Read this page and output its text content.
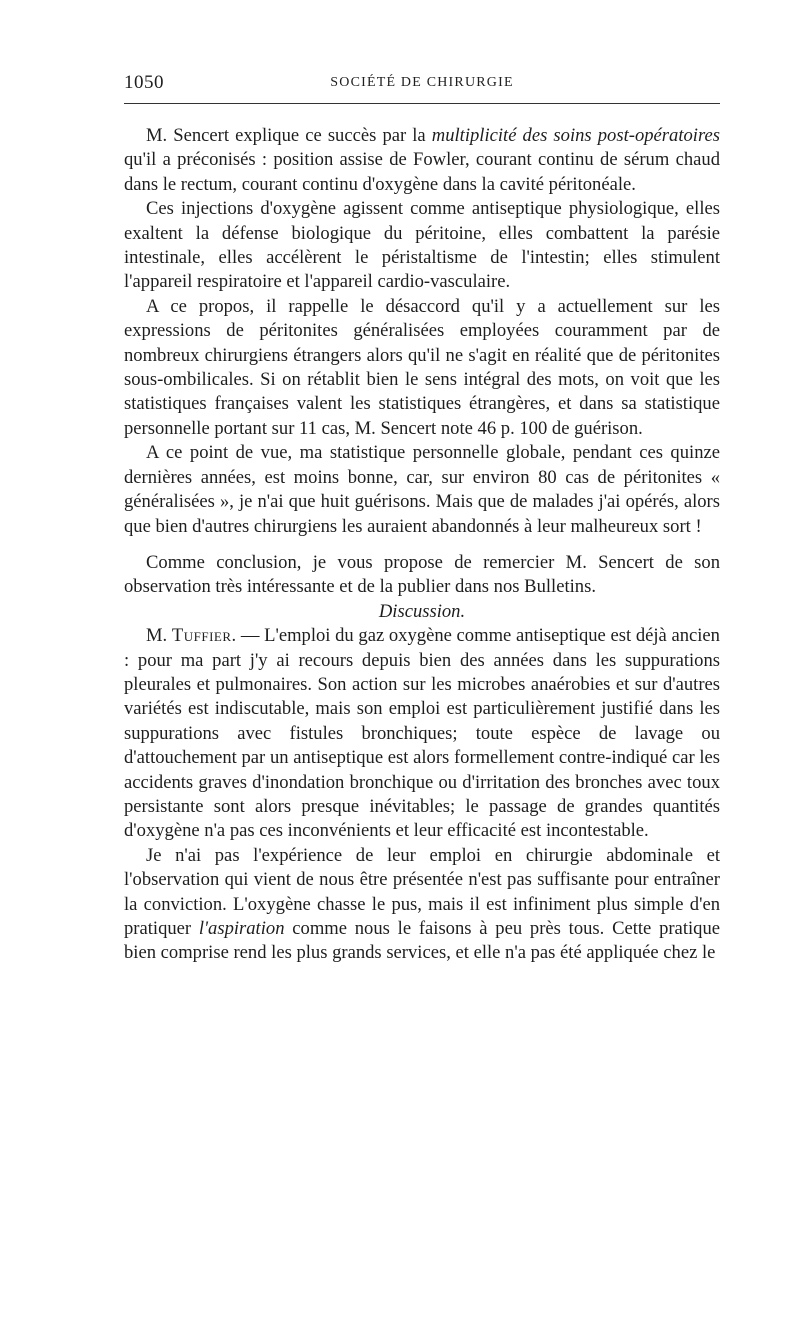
1050	SOCIÉTÉ DE CHIRURGIE

M. Sencert explique ce succès par la multiplicité des soins post-opératoires qu'il a préconisés : position assise de Fowler, courant continu de sérum chaud dans le rectum, courant continu d'oxygène dans la cavité péritonéale.

Ces injections d'oxygène agissent comme antiseptique physiologique, elles exaltent la défense biologique du péritoine, elles combattent la parésie intestinale, elles accélèrent le péristaltisme de l'intestin; elles stimulent l'appareil respiratoire et l'appareil cardio-vasculaire.

A ce propos, il rappelle le désaccord qu'il y a actuellement sur les expressions de péritonites généralisées employées couramment par de nombreux chirurgiens étrangers alors qu'il ne s'agit en réalité que de péritonites sous-ombilicales. Si on rétablit bien le sens intégral des mots, on voit que les statistiques françaises valent les statistiques étrangères, et dans sa statistique personnelle portant sur 11 cas, M. Sencert note 46 p. 100 de guérison.

A ce point de vue, ma statistique personnelle globale, pendant ces quinze dernières années, est moins bonne, car, sur environ 80 cas de péritonites « généralisées », je n'ai que huit guérisons. Mais que de malades j'ai opérés, alors que bien d'autres chirurgiens les auraient abandonnés à leur malheureux sort !

Comme conclusion, je vous propose de remercier M. Sencert de son observation très intéressante et de la publier dans nos Bulletins.

Discussion.

M. Tuffier. — L'emploi du gaz oxygène comme antiseptique est déjà ancien : pour ma part j'y ai recours depuis bien des années dans les suppurations pleurales et pulmonaires. Son action sur les microbes anaérobies et sur d'autres variétés est indiscutable, mais son emploi est particulièrement justifié dans les suppurations avec fistules bronchiques; toute espèce de lavage ou d'attouchement par un antiseptique est alors formellement contre-indiqué car les accidents graves d'inondation bronchique ou d'irritation des bronches avec toux persistante sont alors presque inévitables; le passage de grandes quantités d'oxygène n'a pas ces inconvénients et leur efficacité est incontestable.

Je n'ai pas l'expérience de leur emploi en chirurgie abdominale et l'observation qui vient de nous être présentée n'est pas suffisante pour entraîner la conviction. L'oxygène chasse le pus, mais il est infiniment plus simple d'en pratiquer l'aspiration comme nous le faisons à peu près tous. Cette pratique bien comprise rend les plus grands services, et elle n'a pas été appliquée chez le
